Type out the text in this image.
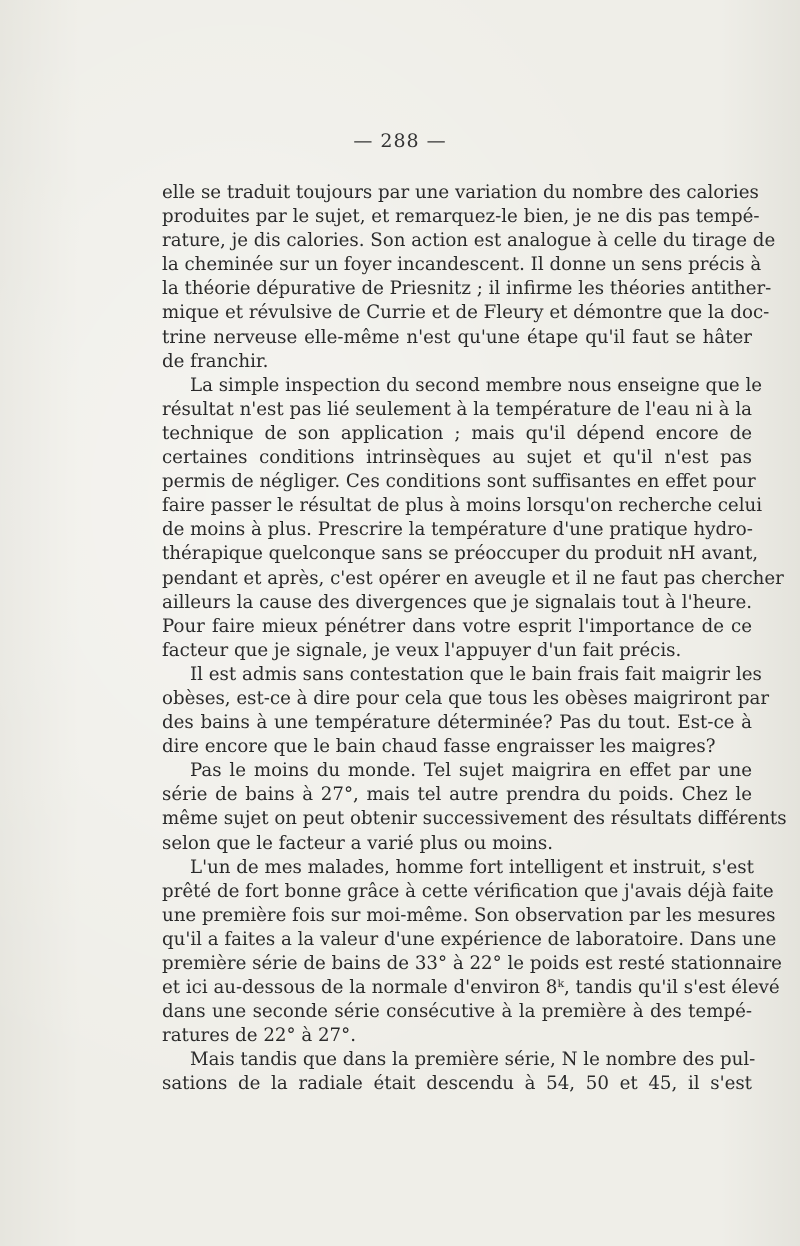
— 288 —
elle se traduit toujours par une variation du nombre des calories
produites par le sujet, et remarquez-le bien, je ne dis pas tempé-
rature, je dis calories. Son action est analogue à celle du tirage de
la cheminée sur un foyer incandescent. Il donne un sens précis à
la théorie dépurative de Priesnitz ; il infirme les théories antither-
mique et révulsive de Currie et de Fleury et démontre que la doc-
trine nerveuse elle-même n'est qu'une étape qu'il faut se hâter
de franchir.
La simple inspection du second membre nous enseigne que le
résultat n'est pas lié seulement à la température de l'eau ni à la
technique de son application ; mais qu'il dépend encore de
certaines conditions intrinsèques au sujet et qu'il n'est pas
permis de négliger. Ces conditions sont suffisantes en effet pour
faire passer le résultat de plus à moins lorsqu'on recherche celui
de moins à plus. Prescrire la température d'une pratique hydro-
thérapique quelconque sans se préoccuper du produit nH avant,
pendant et après, c'est opérer en aveugle et il ne faut pas chercher
ailleurs la cause des divergences que je signalais tout à l'heure.
Pour faire mieux pénétrer dans votre esprit l'importance de ce
facteur que je signale, je veux l'appuyer d'un fait précis.
Il est admis sans contestation que le bain frais fait maigrir les
obèses, est-ce à dire pour cela que tous les obèses maigriront par
des bains à une température déterminée? Pas du tout. Est-ce à
dire encore que le bain chaud fasse engraisser les maigres?
Pas le moins du monde. Tel sujet maigrira en effet par une
série de bains à 27°, mais tel autre prendra du poids. Chez le
même sujet on peut obtenir successivement des résultats différents
selon que le facteur a varié plus ou moins.
L'un de mes malades, homme fort intelligent et instruit, s'est
prêté de fort bonne grâce à cette vérification que j'avais déjà faite
une première fois sur moi-même. Son observation par les mesures
qu'il a faites a la valeur d'une expérience de laboratoire. Dans une
première série de bains de 33° à 22° le poids est resté stationnaire
et ici au-dessous de la normale d'environ 8ᵏ, tandis qu'il s'est élevé
dans une seconde série consécutive à la première à des tempé-
ratures de 22° à 27°.
Mais tandis que dans la première série, N le nombre des pul-
sations de la radiale était descendu à 54, 50 et 45, il s'est
